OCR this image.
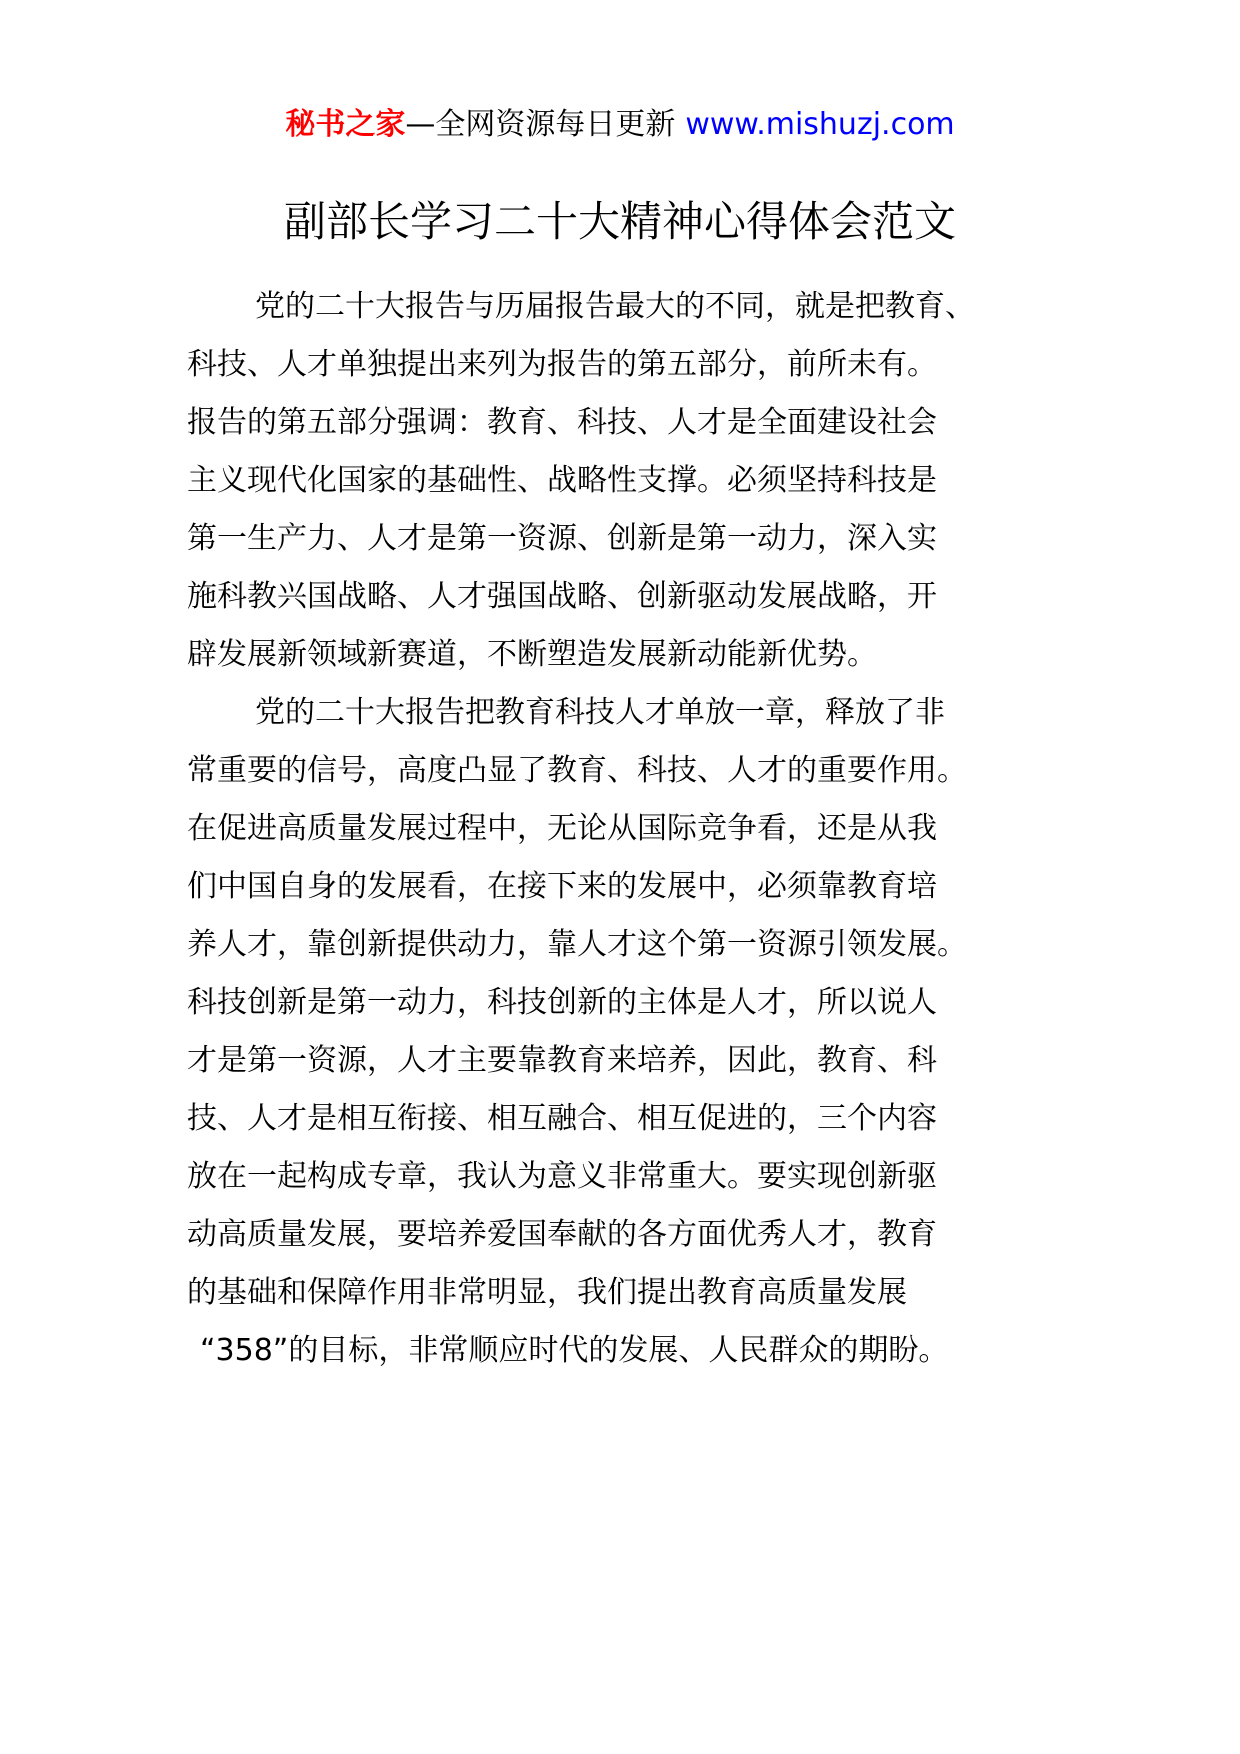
秘书之家—全网资源每日更新 www.mishuzj.com
副部长学习二十大精神心得体会范文
党的二十大报告与历届报告最大的不同，就是把教育、
科技、人才单独提出来列为报告的第五部分，前所未有。
报告的第五部分强调：教育、科技、人才是全面建设社会
主义现代化国家的基础性、战略性支撑。必须坚持科技是
第一生产力、人才是第一资源、创新是第一动力，深入实
施科教兴国战略、人才强国战略、创新驱动发展战略，开
辟发展新领域新赛道，不断塑造发展新动能新优势。
党的二十大报告把教育科技人才单放一章，释放了非
常重要的信号，高度凸显了教育、科技、人才的重要作用。
在促进高质量发展过程中，无论从国际竞争看，还是从我
们中国自身的发展看，在接下来的发展中，必须靠教育培
养人才，靠创新提供动力，靠人才这个第一资源引领发展。
科技创新是第一动力，科技创新的主体是人才，所以说人
才是第一资源，人才主要靠教育来培养，因此，教育、科
技、人才是相互衔接、相互融合、相互促进的，三个内容
放在一起构成专章，我认为意义非常重大。要实现创新驱
动高质量发展，要培养爱国奉献的各方面优秀人才，教育
的基础和保障作用非常明显，我们提出教育高质量发展
“358”的目标，非常顺应时代的发展、人民群众的期盼。
